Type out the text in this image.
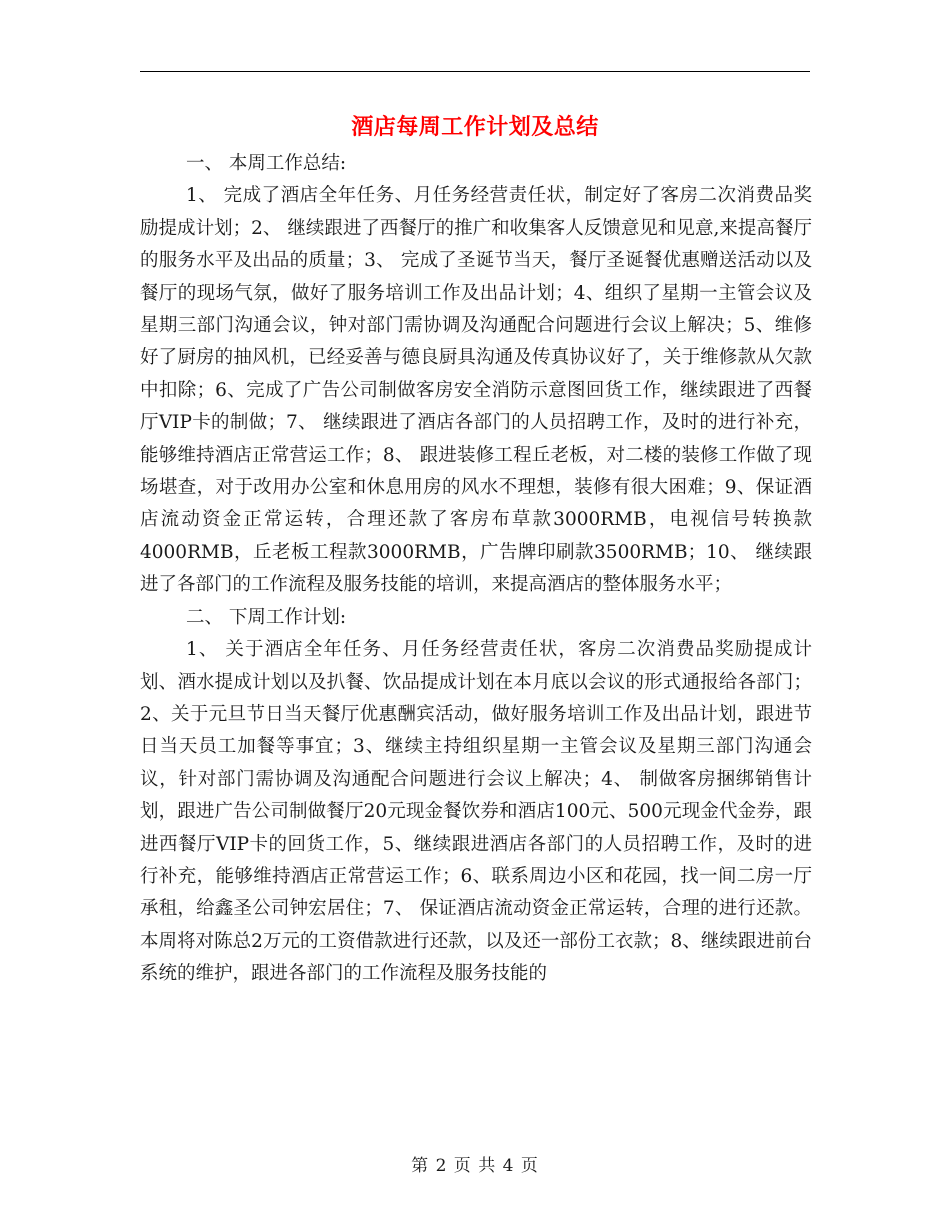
酒店每周工作计划及总结

一、 本周工作总结:

1、 完成了酒店全年任务、月任务经营责任状，制定好了客房二次消费品奖励提成计划；2、 继续跟进了西餐厅的推广和收集客人反馈意见和见意,来提高餐厅的服务水平及出品的质量；3、 完成了圣诞节当天，餐厅圣诞餐优惠赠送活动以及餐厅的现场气氛，做好了服务培训工作及出品计划；4、组织了星期一主管会议及星期三部门沟通会议，钟对部门需协调及沟通配合问题进行会议上解决；5、维修好了厨房的抽风机，已经妥善与德良厨具沟通及传真协议好了，关于维修款从欠款中扣除；6、完成了广告公司制做客房安全消防示意图回货工作，继续跟进了西餐厅VIP卡的制做；7、 继续跟进了酒店各部门的人员招聘工作，及时的进行补充，能够维持酒店正常营运工作；8、 跟进装修工程丘老板，对二楼的装修工作做了现场堪查，对于改用办公室和休息用房的风水不理想，装修有很大困难；9、保证酒店流动资金正常运转，合理还款了客房布草款3000RMB，电视信号转换款4000RMB，丘老板工程款3000RMB，广告牌印刷款3500RMB；10、 继续跟进了各部门的工作流程及服务技能的培训，来提高酒店的整体服务水平；

二、 下周工作计划:

1、 关于酒店全年任务、月任务经营责任状，客房二次消费品奖励提成计划、酒水提成计划以及扒餐、饮品提成计划在本月底以会议的形式通报给各部门；2、关于元旦节日当天餐厅优惠酬宾活动，做好服务培训工作及出品计划，跟进节日当天员工加餐等事宜；3、继续主持组织星期一主管会议及星期三部门沟通会议，针对部门需协调及沟通配合问题进行会议上解决；4、 制做客房捆绑销售计划，跟进广告公司制做餐厅20元现金餐饮券和酒店100元、500元现金代金券，跟进西餐厅VIP卡的回货工作，5、继续跟进酒店各部门的人员招聘工作，及时的进行补充，能够维持酒店正常营运工作；6、联系周边小区和花园，找一间二房一厅承租，给鑫圣公司钟宏居住；7、 保证酒店流动资金正常运转，合理的进行还款。本周将对陈总2万元的工资借款进行还款，以及还一部份工衣款；8、继续跟进前台系统的维护，跟进各部门的工作流程及服务技能的

第 2 页 共 4 页
